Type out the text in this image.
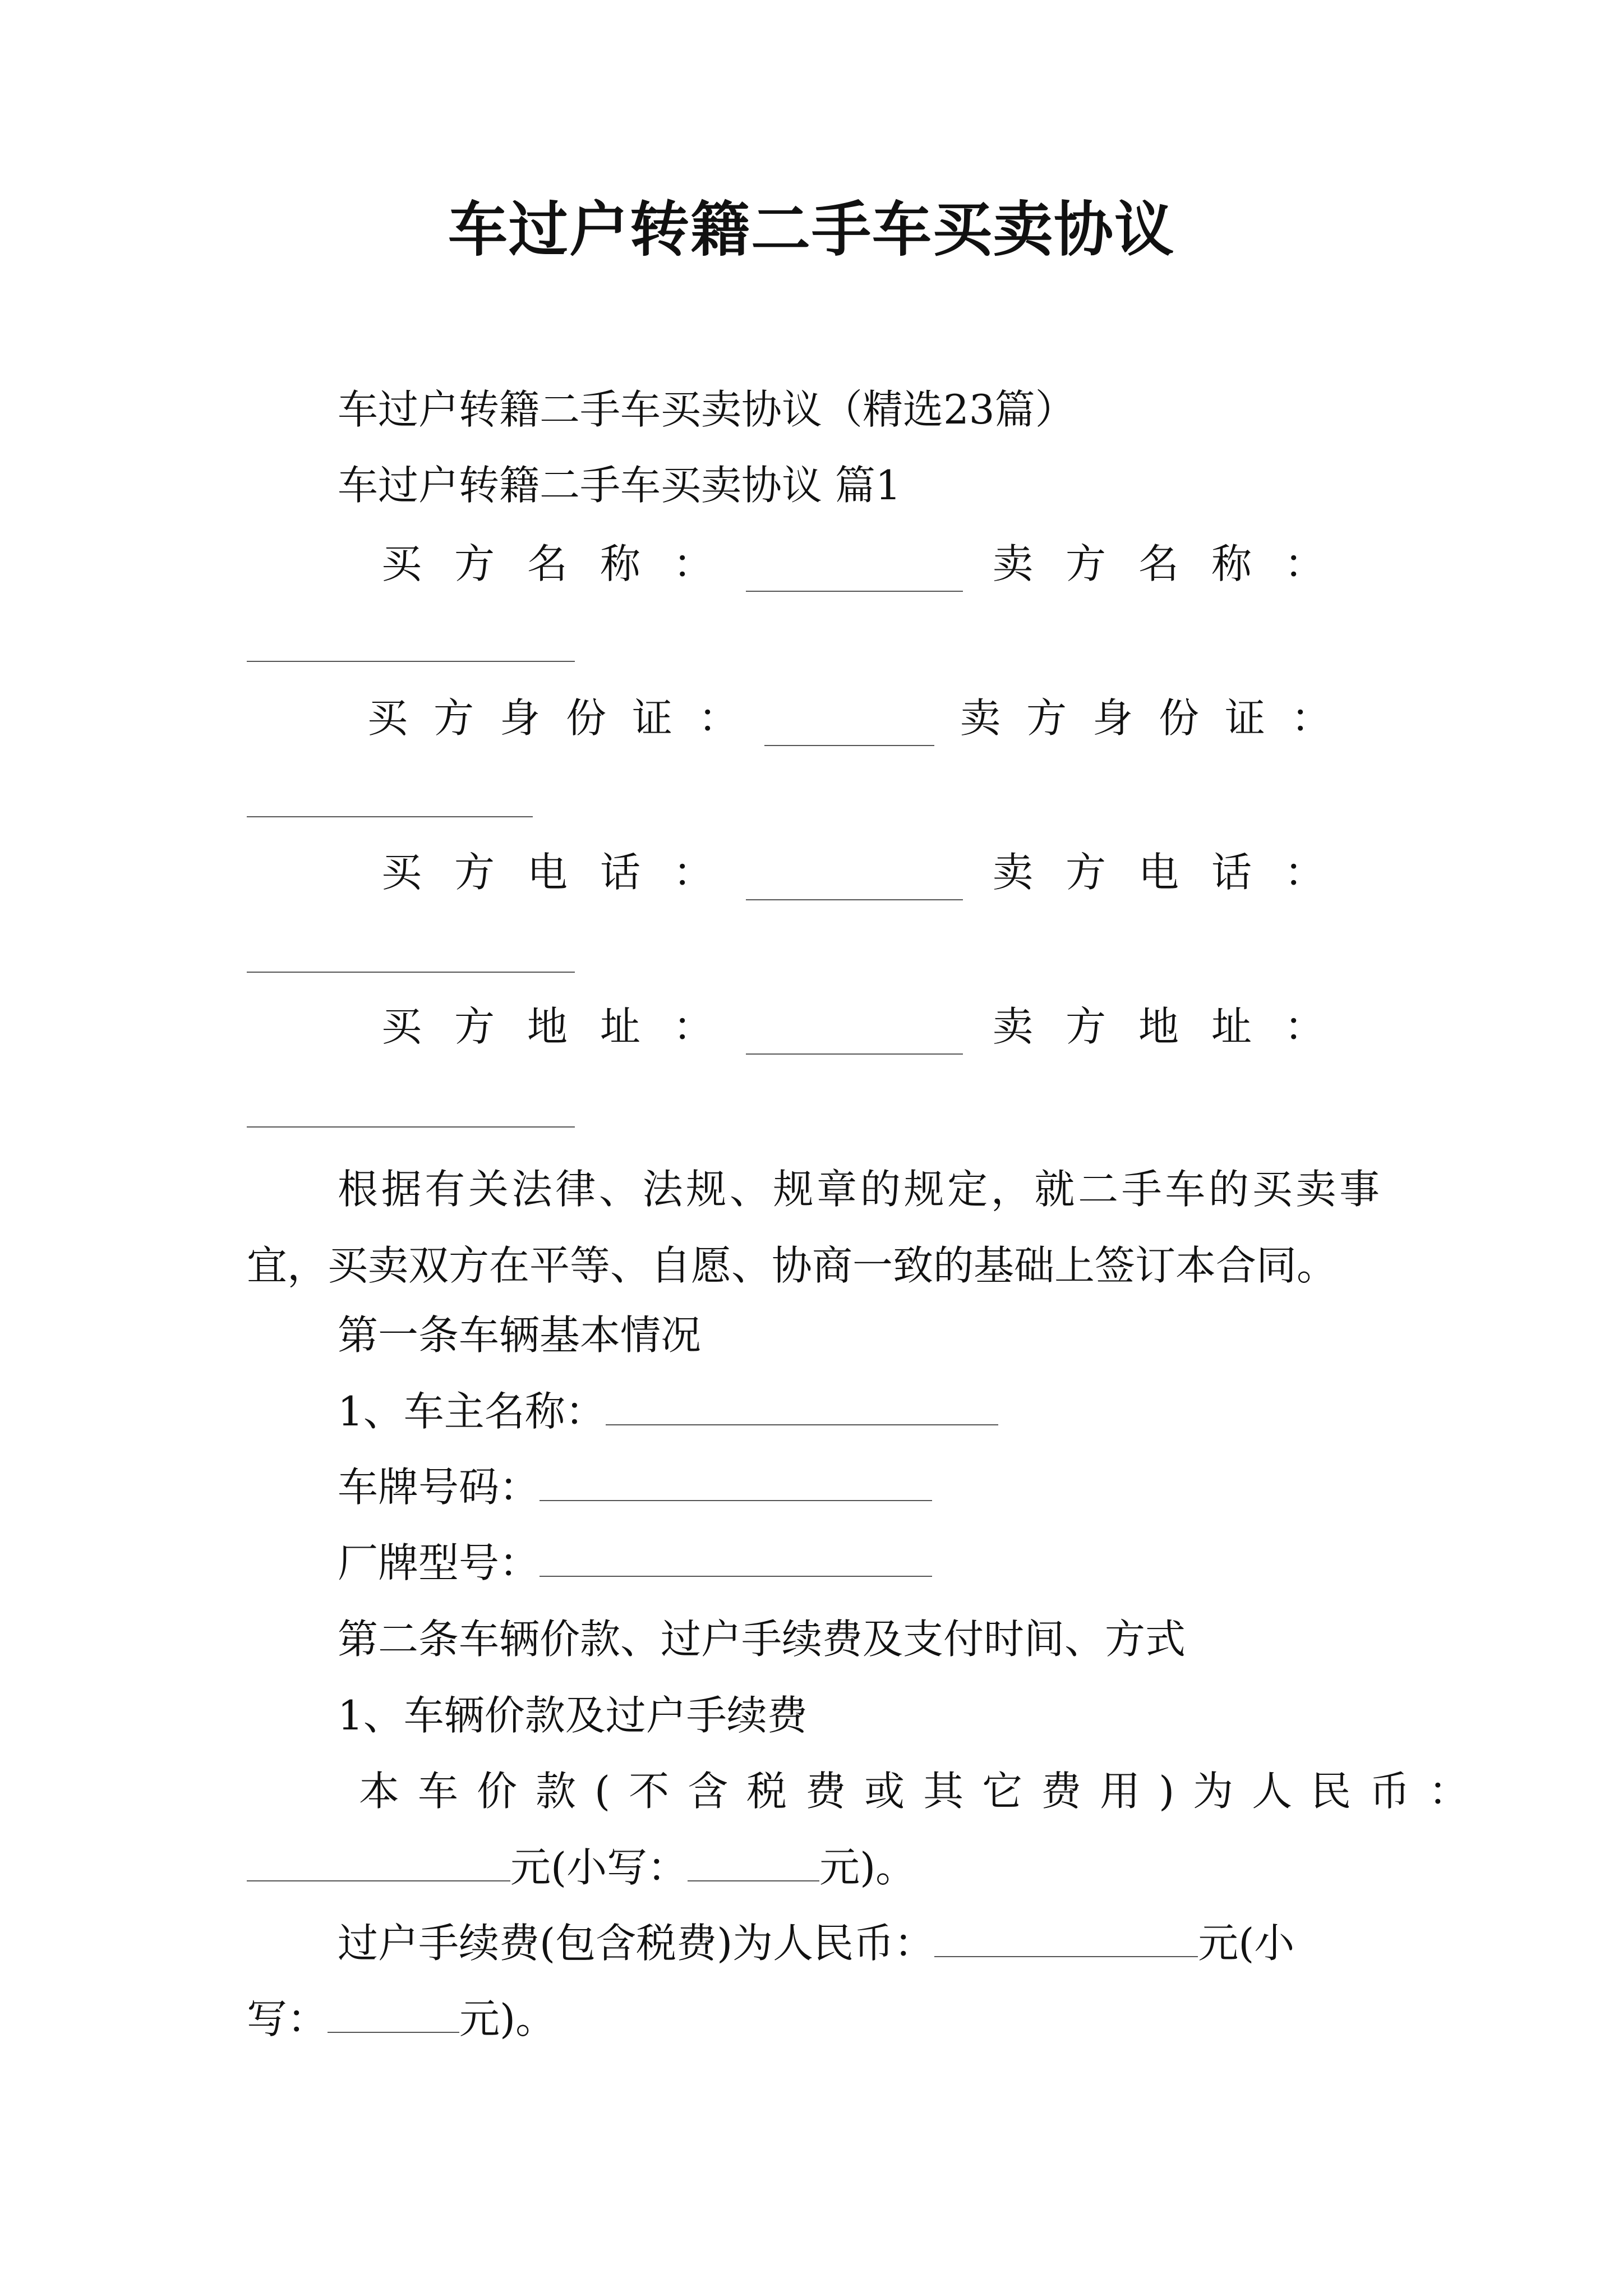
车过户转籍二手车买卖协议
车过户转籍二手车买卖协议（精选23篇）
车过户转籍二手车买卖协议 篇1
买方名称：	卖方名称：
买方身份证：	卖方身份证：
买方电话：	卖方电话：
买方地址：	卖方地址：
根据有关法律、法规、规章的规定，就二手车的买卖事宜，买卖双方在平等、自愿、协商一致的基础上签订本合同。
第一条车辆基本情况
1、车主名称：
车牌号码：
厂牌型号：
第二条车辆价款、过户手续费及支付时间、方式
1、车辆价款及过户手续费
本车价款(不含税费或其它费用)为人民币：
元(小写：	元)。
过户手续费(包含税费)为人民币：	元(小
写：	元)。
